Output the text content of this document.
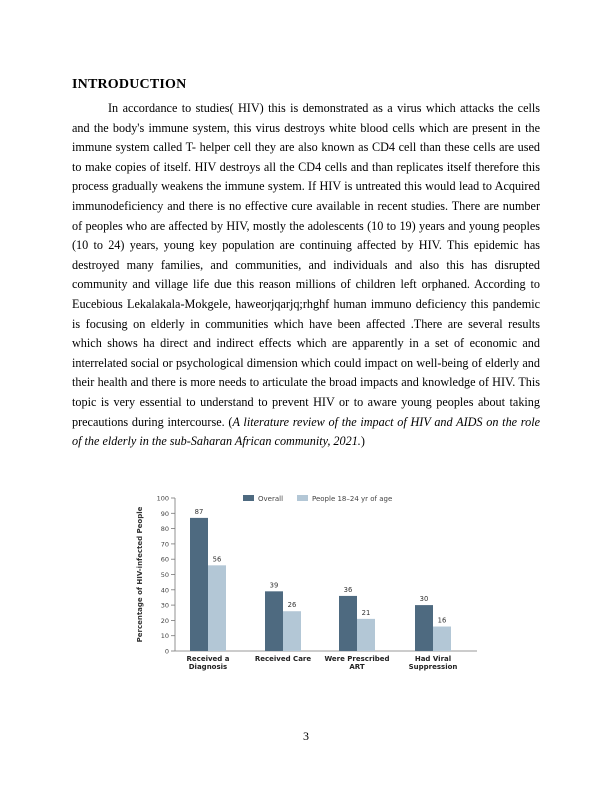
INTRODUCTION

In accordance to studies( HIV) this is demonstrated as a virus which attacks the cells and the body's immune system, this virus destroys white blood cells which are present in the immune system called T- helper cell they are also known as CD4 cell than these cells are used to make copies of itself. HIV destroys all the CD4 cells and than replicates itself therefore this process gradually weakens the immune system. If HIV is untreated this would lead to Acquired immunodeficiency and there is no effective cure available in recent studies. There are number of peoples who are affected by HIV, mostly the adolescents (10 to 19) years and young peoples (10 to 24) years, young key population are continuing affected by HIV. This epidemic has destroyed many families, and communities, and individuals and also this has disrupted community and village life due this reason millions of children left orphaned. According to Eucebious Lekalakala-Mokgele, haweorjqarjq;rhghf human immuno deficiency this pandemic is focusing on elderly in communities which have been affected .There are several results which shows ha direct and indirect effects which are apparently in a set of economic and interrelated social or psychological dimension which could impact on well-being of elderly and their health and there is more needs to articulate the broad impacts and knowledge of HIV. This topic is very essential to understand to prevent HIV or to aware young peoples about taking precautions during intercourse. (A literature review of the impact of HIV and AIDS on the role of the elderly in the sub-Saharan African community, 2021.)

0
10
20
30
40
50
60
70
80
90
100
Percentage of HIV-infected People
Overall	People 18–24 yr of age
87
56
Received a
Diagnosis
39
26
Received Care
36
21
Were Prescribed
ART
30
16
Had Viral
Suppression
3
